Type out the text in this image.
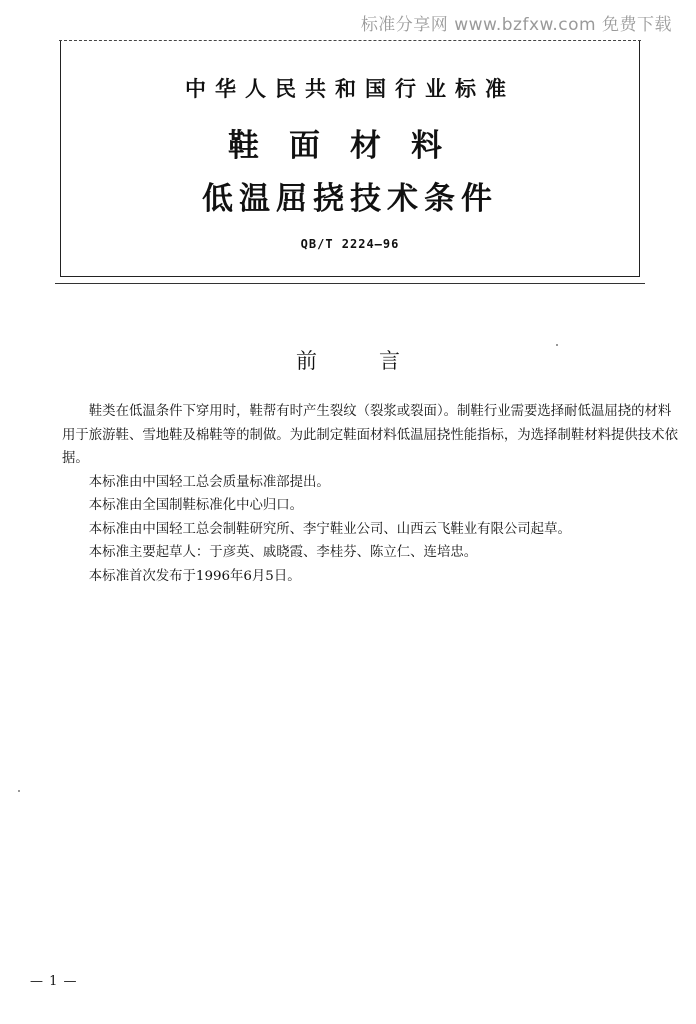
标准分享网 www.bzfxw.com 免费下载
中华人民共和国行业标准
鞋面材料
低温屈挠技术条件
QB/T 2224—96
前言

鞋类在低温条件下穿用时，鞋帮有时产生裂纹（裂浆或裂面）。制鞋行业需要选择耐低温屈挠的材料用于旅游鞋、雪地鞋及棉鞋等的制做。为此制定鞋面材料低温屈挠性能指标，为选择制鞋材料提供技术依据。

本标准由中国轻工总会质量标准部提出。

本标准由全国制鞋标准化中心归口。

本标准由中国轻工总会制鞋研究所、李宁鞋业公司、山西云飞鞋业有限公司起草。

本标准主要起草人：于彦英、戚晓霞、李桂芬、陈立仁、连培忠。

本标准首次发布于1996年6月5日。

— 1 —
